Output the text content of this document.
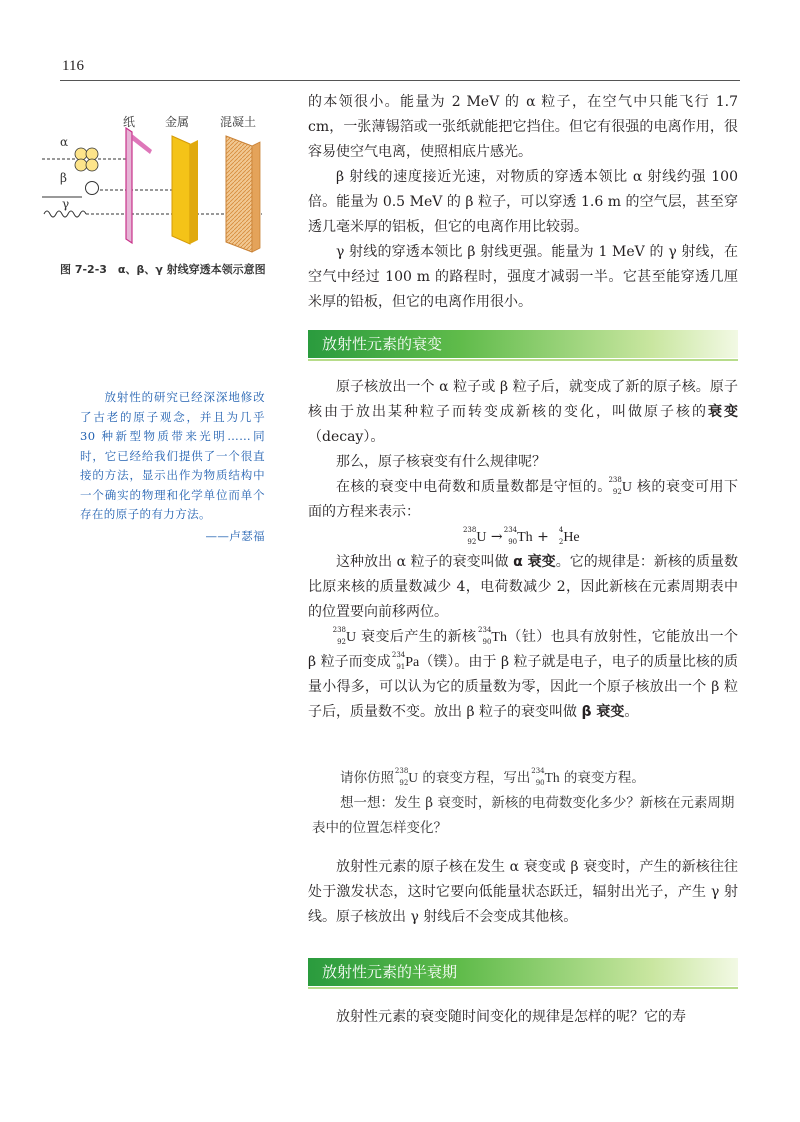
116
纸 金属	混凝土
α
β
γ
图 7-2-3　α、β、γ 射线穿透本领示意图
放射性的研究已经深深地修改了古老的原子观念，并且为几乎 30 种新型物质带来光明……同时，它已经给我们提供了一个很直接的方法，显示出作为物质结构中一个确实的物理和化学单位而单个存在的原子的有力方法。
——卢瑟福

的本领很小。能量为 2 MeV 的 α 粒子，在空气中只能飞行 1.7 cm，一张薄锡箔或一张纸就能把它挡住。但它有很强的电离作用，很容易使空气电离，使照相底片感光。

β 射线的速度接近光速，对物质的穿透本领比 α 射线约强 100 倍。能量为 0.5 MeV 的 β 粒子，可以穿透 1.6 m 的空气层，甚至穿透几毫米厚的铝板，但它的电离作用比较弱。

γ 射线的穿透本领比 β 射线更强。能量为 1 MeV 的 γ 射线，在空气中经过 100 m 的路程时，强度才减弱一半。它甚至能穿透几厘米厚的铅板，但它的电离作用很小。

放射性元素的衰变

原子核放出一个 α 粒子或 β 粒子后，就变成了新的原子核。原子核由于放出某种粒子而转变成新核的变化，叫做原子核的衰变（decay）。

那么，原子核衰变有什么规律呢？

在核的衰变中电荷数和质量数都是守恒的。
238
92 U 核的衰变可用下面的方程来表示：

238
92 U → 234
90 Th + 4
2 He

这种放出 α 粒子的衰变叫做 α 衰变。它的规律是：新核的质量数比原来核的质量数减少 4，电荷数减少 2，因此新核在元素周期表中的位置要向前移两位。

238
92 U 衰变后产生的新核
234
90 Th（钍）也具有放射性，它能放出一个 β 粒子而变成
234
91 Pa（镤）。由于 β 粒子就是电子，电子的质量比核的质量小得多，可以认为它的质量数为零，因此一个原子核放出一个 β 粒子后，质量数不变。放出 β 粒子的衰变叫做 β 衰变。

请你仿照
238
92 U 的衰变方程，写出
234
90 Th 的衰变方程。

想一想：发生 β 衰变时，新核的电荷数变化多少？新核在元素周期表中的位置怎样变化？

放射性元素的原子核在发生 α 衰变或 β 衰变时，产生的新核往往处于激发状态，这时它要向低能量状态跃迁，辐射出光子，产生 γ 射线。原子核放出 γ 射线后不会变成其他核。

放射性元素的半衰期

放射性元素的衰变随时间变化的规律是怎样的呢？它的寿
